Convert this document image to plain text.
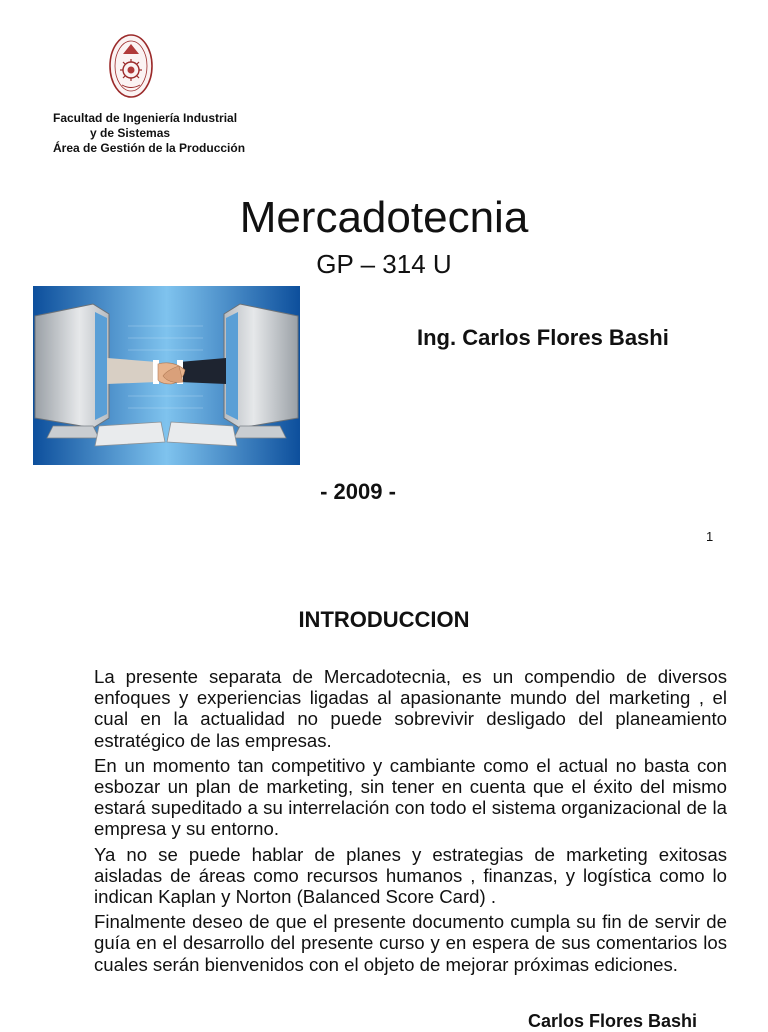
Facultad de Ingeniería Industrial
y de Sistemas
Área de Gestión de la Producción
Mercadotecnia
GP – 314 U
Ing. Carlos Flores Bashi
- 2009 -
1
INTRODUCCION

La presente separata de Mercadotecnia, es un compendio de diversos enfoques y experiencias ligadas al apasionante mundo del marketing , el cual en la actualidad no puede sobrevivir desligado del planeamiento estratégico de las empresas.

En un momento tan competitivo y cambiante como el actual no basta con esbozar un plan de marketing, sin tener en cuenta que el éxito del mismo estará supeditado a su interrelación con todo el sistema organizacional de la empresa y su entorno.

Ya no se puede hablar de planes y estrategias de marketing exitosas aisladas de áreas como recursos humanos , finanzas, y logística como lo indican Kaplan y Norton (Balanced Score Card) .

Finalmente deseo de que el presente documento cumpla su fin de servir de guía en el desarrollo del presente curso y en espera de sus comentarios los cuales serán bienvenidos con el objeto de mejorar próximas ediciones.

Carlos Flores Bashi
